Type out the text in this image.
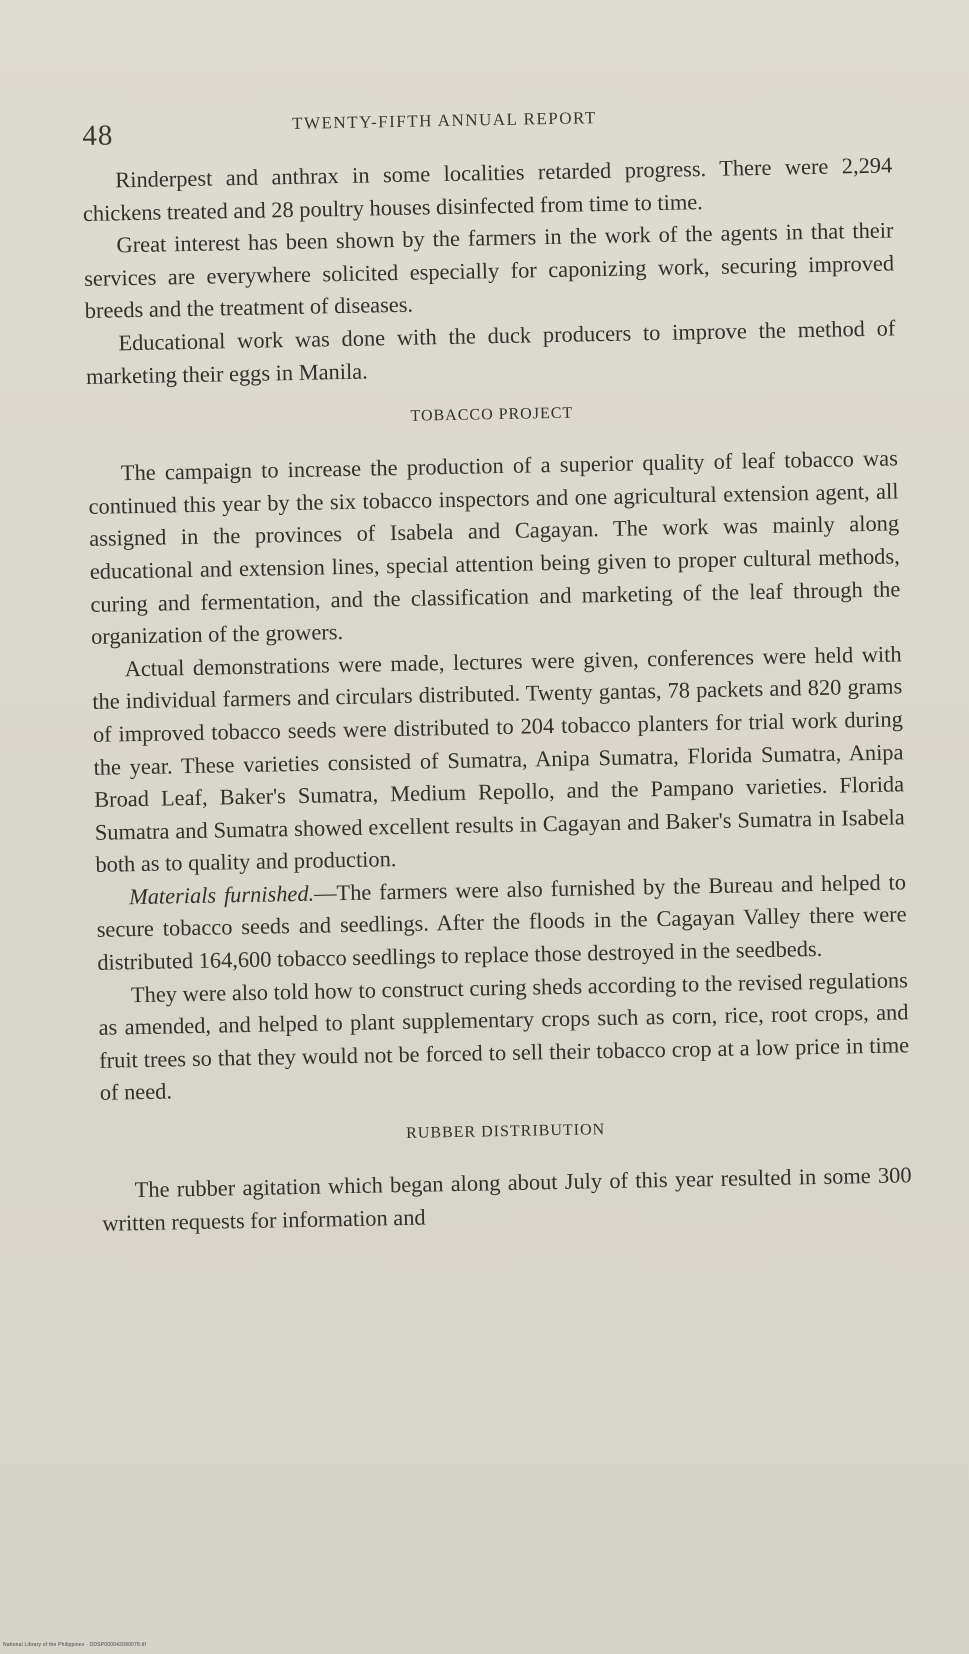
48	TWENTY-FIFTH ANNUAL REPORT

Rinderpest and anthrax in some localities retarded progress. There were 2,294 chickens treated and 28 poultry houses disinfected from time to time.

Great interest has been shown by the farmers in the work of the agents in that their services are everywhere solicited especially for caponizing work, securing improved breeds and the treatment of diseases.

Educational work was done with the duck producers to improve the method of marketing their eggs in Manila.

TOBACCO PROJECT

The campaign to increase the production of a superior quality of leaf tobacco was continued this year by the six tobacco inspectors and one agricultural extension agent, all assigned in the provinces of Isabela and Cagayan. The work was mainly along educational and extension lines, special attention being given to proper cultural methods, curing and fermentation, and the classification and marketing of the leaf through the organization of the growers.

Actual demonstrations were made, lectures were given, conferences were held with the individual farmers and circulars distributed. Twenty gantas, 78 packets and 820 grams of improved tobacco seeds were distributed to 204 tobacco planters for trial work during the year. These varieties consisted of Sumatra, Anipa Sumatra, Florida Sumatra, Anipa Broad Leaf, Baker's Sumatra, Medium Repollo, and the Pampano varieties. Florida Sumatra and Sumatra showed excellent results in Cagayan and Baker's Sumatra in Isabela both as to quality and production.

Materials furnished.—The farmers were also furnished by the Bureau and helped to secure tobacco seeds and seedlings. After the floods in the Cagayan Valley there were distributed 164,600 tobacco seedlings to replace those destroyed in the seedbeds.

They were also told how to construct curing sheds according to the revised regulations as amended, and helped to plant supplementary crops such as corn, rice, root crops, and fruit trees so that they would not be forced to sell their tobacco crop at a low price in time of need.

RUBBER DISTRIBUTION

The rubber agitation which began along about July of this year resulted in some 300 written requests for information and

National Library of the Philippines · DDSP000042090078.tif
